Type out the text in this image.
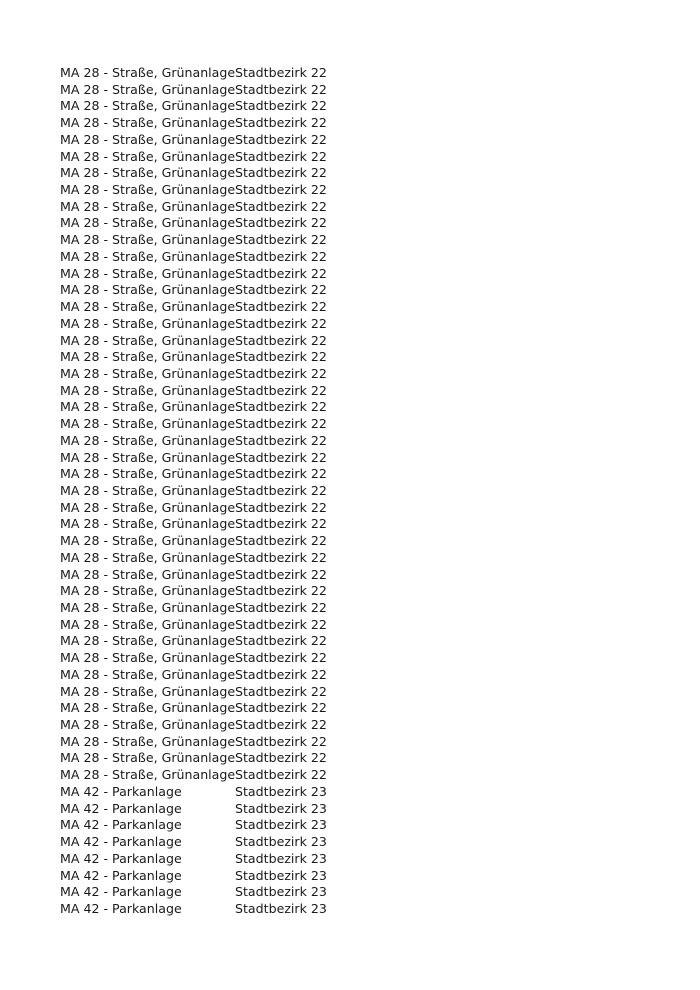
MA 28 - Straße, Grünanlage Stadtbezirk 22
MA 28 - Straße, Grünanlage Stadtbezirk 22
MA 28 - Straße, Grünanlage Stadtbezirk 22
MA 28 - Straße, Grünanlage Stadtbezirk 22
MA 28 - Straße, Grünanlage Stadtbezirk 22
MA 28 - Straße, Grünanlage Stadtbezirk 22
MA 28 - Straße, Grünanlage Stadtbezirk 22
MA 28 - Straße, Grünanlage Stadtbezirk 22
MA 28 - Straße, Grünanlage Stadtbezirk 22
MA 28 - Straße, Grünanlage Stadtbezirk 22
MA 28 - Straße, Grünanlage Stadtbezirk 22
MA 28 - Straße, Grünanlage Stadtbezirk 22
MA 28 - Straße, Grünanlage Stadtbezirk 22
MA 28 - Straße, Grünanlage Stadtbezirk 22
MA 28 - Straße, Grünanlage Stadtbezirk 22
MA 28 - Straße, Grünanlage Stadtbezirk 22
MA 28 - Straße, Grünanlage Stadtbezirk 22
MA 28 - Straße, Grünanlage Stadtbezirk 22
MA 28 - Straße, Grünanlage Stadtbezirk 22
MA 28 - Straße, Grünanlage Stadtbezirk 22
MA 28 - Straße, Grünanlage Stadtbezirk 22
MA 28 - Straße, Grünanlage Stadtbezirk 22
MA 28 - Straße, Grünanlage Stadtbezirk 22
MA 28 - Straße, Grünanlage Stadtbezirk 22
MA 28 - Straße, Grünanlage Stadtbezirk 22
MA 28 - Straße, Grünanlage Stadtbezirk 22
MA 28 - Straße, Grünanlage Stadtbezirk 22
MA 28 - Straße, Grünanlage Stadtbezirk 22
MA 28 - Straße, Grünanlage Stadtbezirk 22
MA 28 - Straße, Grünanlage Stadtbezirk 22
MA 28 - Straße, Grünanlage Stadtbezirk 22
MA 28 - Straße, Grünanlage Stadtbezirk 22
MA 28 - Straße, Grünanlage Stadtbezirk 22
MA 28 - Straße, Grünanlage Stadtbezirk 22
MA 28 - Straße, Grünanlage Stadtbezirk 22
MA 28 - Straße, Grünanlage Stadtbezirk 22
MA 28 - Straße, Grünanlage Stadtbezirk 22
MA 28 - Straße, Grünanlage Stadtbezirk 22
MA 28 - Straße, Grünanlage Stadtbezirk 22
MA 28 - Straße, Grünanlage Stadtbezirk 22
MA 28 - Straße, Grünanlage Stadtbezirk 22
MA 28 - Straße, Grünanlage Stadtbezirk 22
MA 28 - Straße, Grünanlage Stadtbezirk 22
MA 42 - Parkanlage	Stadtbezirk 23
MA 42 - Parkanlage	Stadtbezirk 23
MA 42 - Parkanlage	Stadtbezirk 23
MA 42 - Parkanlage	Stadtbezirk 23
MA 42 - Parkanlage	Stadtbezirk 23
MA 42 - Parkanlage	Stadtbezirk 23
MA 42 - Parkanlage	Stadtbezirk 23
MA 42 - Parkanlage	Stadtbezirk 23
